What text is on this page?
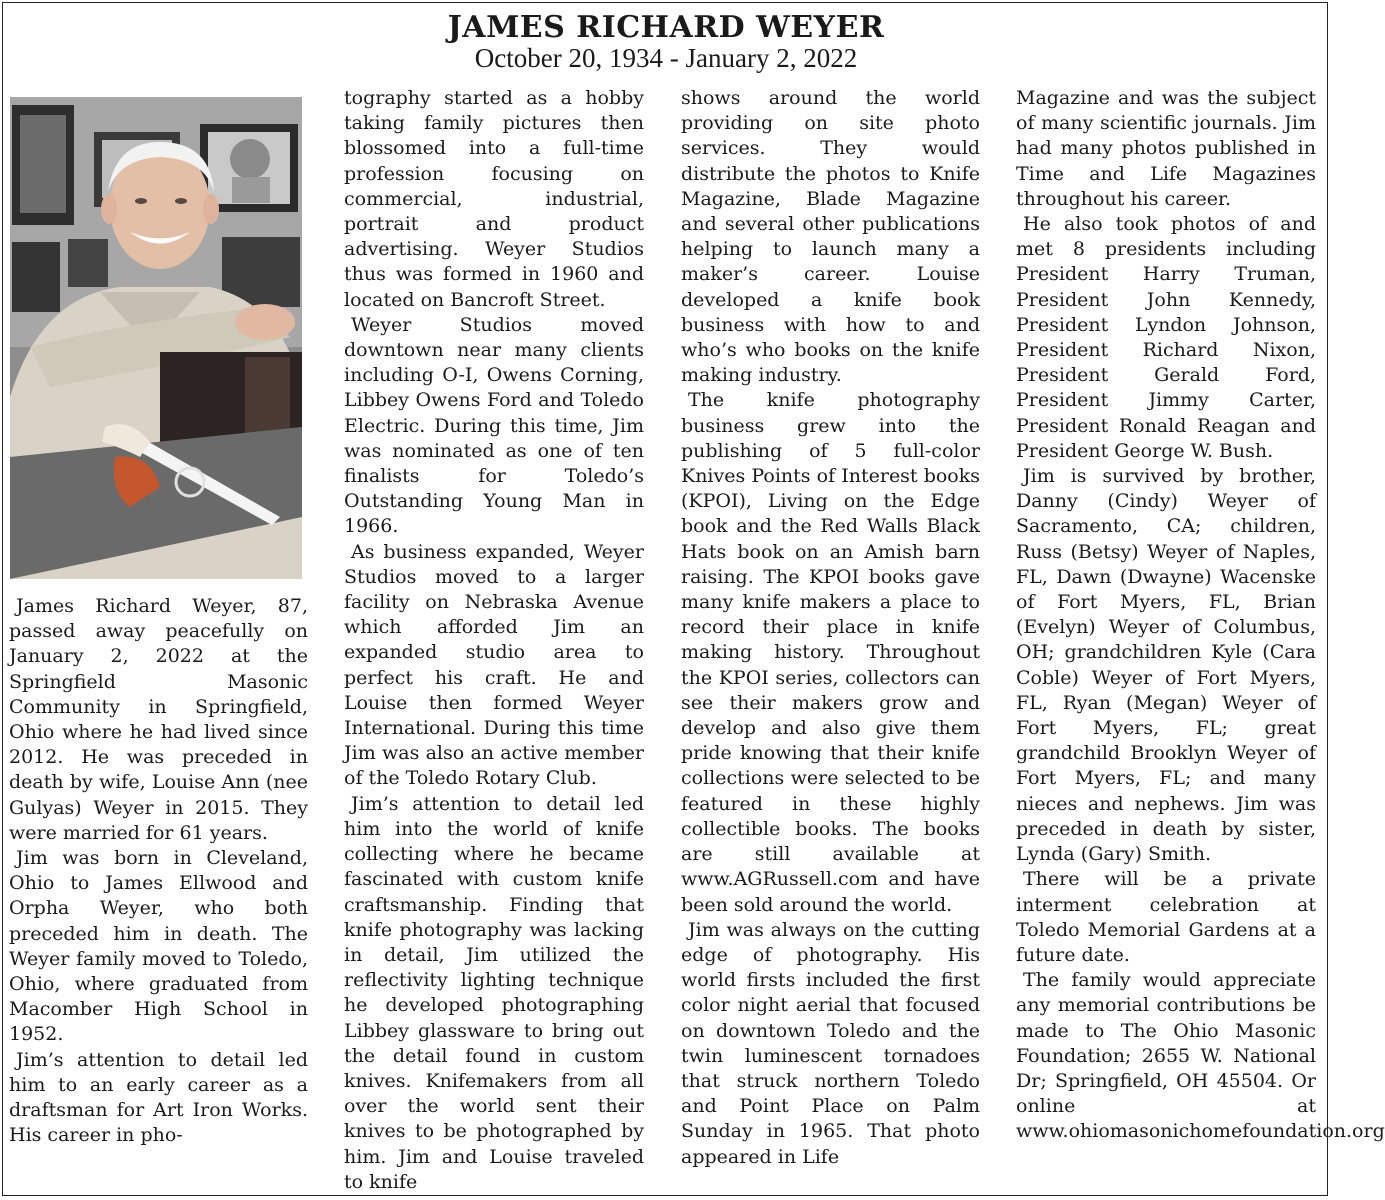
JAMES RICHARD WEYER
October 20, 1934 - January 2, 2022

James Richard Weyer, 87, passed away peacefully on January 2, 2022 at the Springfield Masonic Community in Springfield, Ohio where he had lived since 2012. He was preceded in death by wife, Louise Ann (nee Gulyas) Weyer in 2015. They were married for 61 years.

Jim was born in Cleveland, Ohio to James Ellwood and Orpha Weyer, who both preceded him in death. The Weyer family moved to Toledo, Ohio, where graduated from Macomber High School in 1952.

Jim’s attention to detail led him to an early career as a draftsman for Art Iron Works. His career in pho-

tography started as a hobby taking family pictures then blossomed into a full-time profession focusing on commercial, industrial, portrait and product advertising. Weyer Studios thus was formed in 1960 and located on Bancroft Street.

Weyer Studios moved downtown near many clients including O-I, Owens Corning, Libbey Owens Ford and Toledo Electric. During this time, Jim was nominated as one of ten finalists for Toledo’s Outstanding Young Man in 1966.

As business expanded, Weyer Studios moved to a larger facility on Nebraska Avenue which afforded Jim an expanded studio area to perfect his craft. He and Louise then formed Weyer International. During this time Jim was also an active member of the Toledo Rotary Club.

Jim’s attention to detail led him into the world of knife collecting where he became fascinated with custom knife craftsmanship. Finding that knife photography was lacking in detail, Jim utilized the reflectivity lighting technique he developed photographing Libbey glassware to bring out the detail found in custom knives. Knifemakers from all over the world sent their knives to be photographed by him. Jim and Louise traveled to knife

shows around the world providing on site photo services. They would distribute the photos to Knife Magazine, Blade Magazine and several other publications helping to launch many a maker’s career. Louise developed a knife book business with how to and who’s who books on the knife making industry.

The knife photography business grew into the publishing of 5 full-color Knives Points of Interest books (KPOI), Living on the Edge book and the Red Walls Black Hats book on an Amish barn raising. The KPOI books gave many knife makers a place to record their place in knife making history. Throughout the KPOI series, collectors can see their makers grow and develop and also give them pride knowing that their knife collections were selected to be featured in these highly collectible books. The books are still available at www.AGRussell.com and have been sold around the world.

Jim was always on the cutting edge of photography. His world firsts included the first color night aerial that focused on downtown Toledo and the twin luminescent tornadoes that struck northern Toledo and Point Place on Palm Sunday in 1965. That photo appeared in Life

Magazine and was the subject of many scientific journals. Jim had many photos published in Time and Life Magazines throughout his career.

He also took photos of and met 8 presidents including President Harry Truman, President John Kennedy, President Lyndon Johnson, President Richard Nixon, President Gerald Ford, President Jimmy Carter, President Ronald Reagan and President George W. Bush.

Jim is survived by brother, Danny (Cindy) Weyer of Sacramento, CA; children, Russ (Betsy) Weyer of Naples, FL, Dawn (Dwayne) Wacenske of Fort Myers, FL, Brian (Evelyn) Weyer of Columbus, OH; grandchildren Kyle (Cara Coble) Weyer of Fort Myers, FL, Ryan (Megan) Weyer of Fort Myers, FL; great grandchild Brooklyn Weyer of Fort Myers, FL; and many nieces and nephews. Jim was preceded in death by sister, Lynda (Gary) Smith.

There will be a private interment celebration at Toledo Memorial Gardens at a future date.

The family would appreciate any memorial contributions be made to The Ohio Masonic Foundation; 2655 W. National Dr; Springfield, OH 45504. Or online at www.ohiomasonichomefoundation.org
